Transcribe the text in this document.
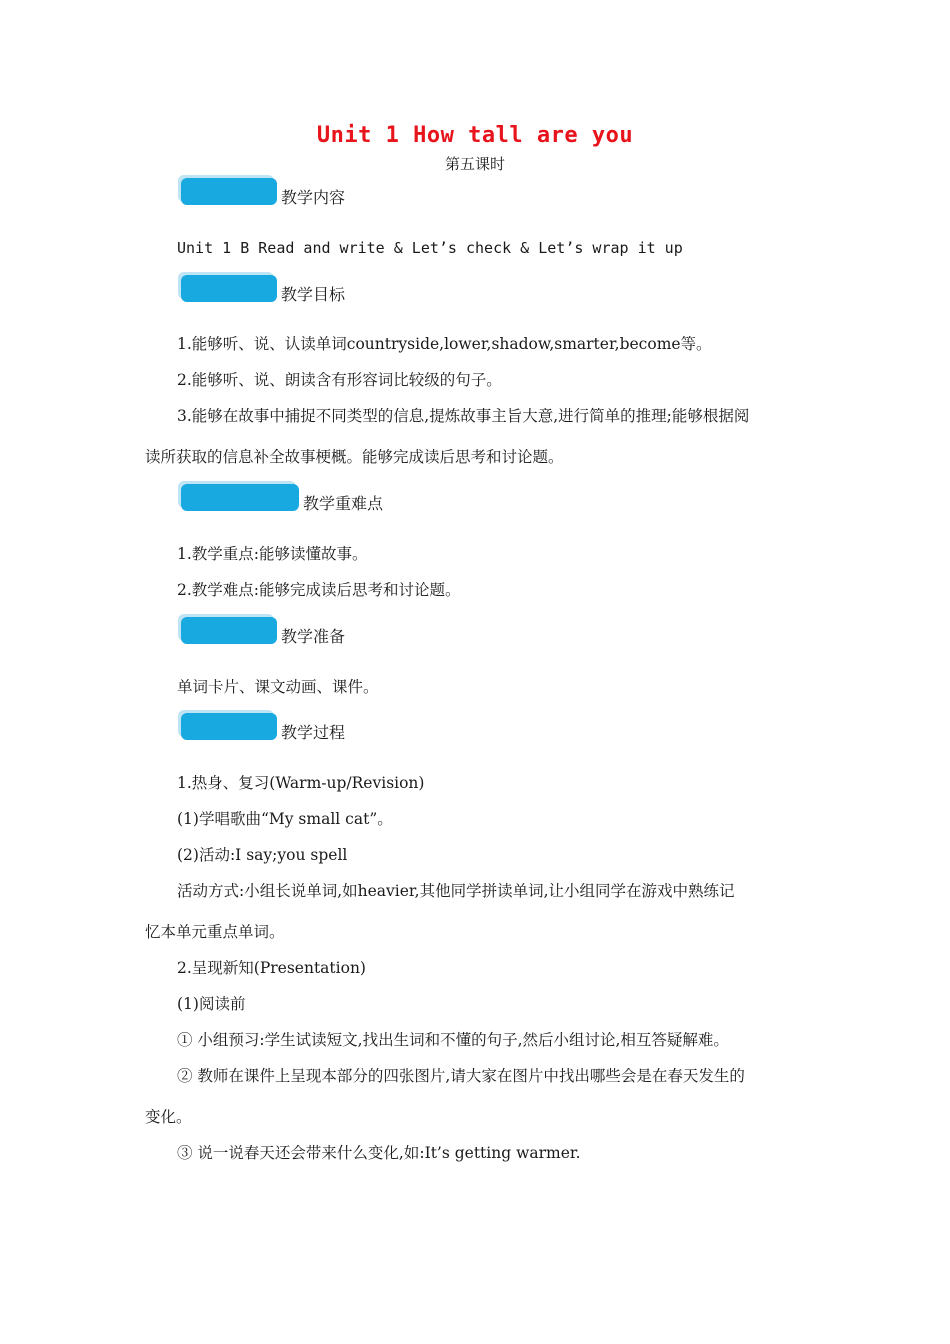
Unit 1 How tall are you
第五课时
教学内容
Unit 1 B Read and write & Let’s check & Let’s wrap it up
教学目标
1.能够听、说、认读单词countryside,lower,shadow,smarter,become等。
2.能够听、说、朗读含有形容词比较级的句子。
3.能够在故事中捕捉不同类型的信息,提炼故事主旨大意,进行简单的推理;能够根据阅
读所获取的信息补全故事梗概。能够完成读后思考和讨论题。
教学重难点
1.教学重点:能够读懂故事。
2.教学难点:能够完成读后思考和讨论题。
教学准备
单词卡片、课文动画、课件。
教学过程
1.热身、复习(Warm-up/Revision)
(1)学唱歌曲“My small cat”。
(2)活动:I say;you spell
活动方式:小组长说单词,如heavier,其他同学拼读单词,让小组同学在游戏中熟练记
忆本单元重点单词。
2.呈现新知(Presentation)
(1)阅读前
① 小组预习:学生试读短文,找出生词和不懂的句子,然后小组讨论,相互答疑解难。
② 教师在课件上呈现本部分的四张图片,请大家在图片中找出哪些会是在春天发生的
变化。
③ 说一说春天还会带来什么变化,如:It’s getting warmer.
